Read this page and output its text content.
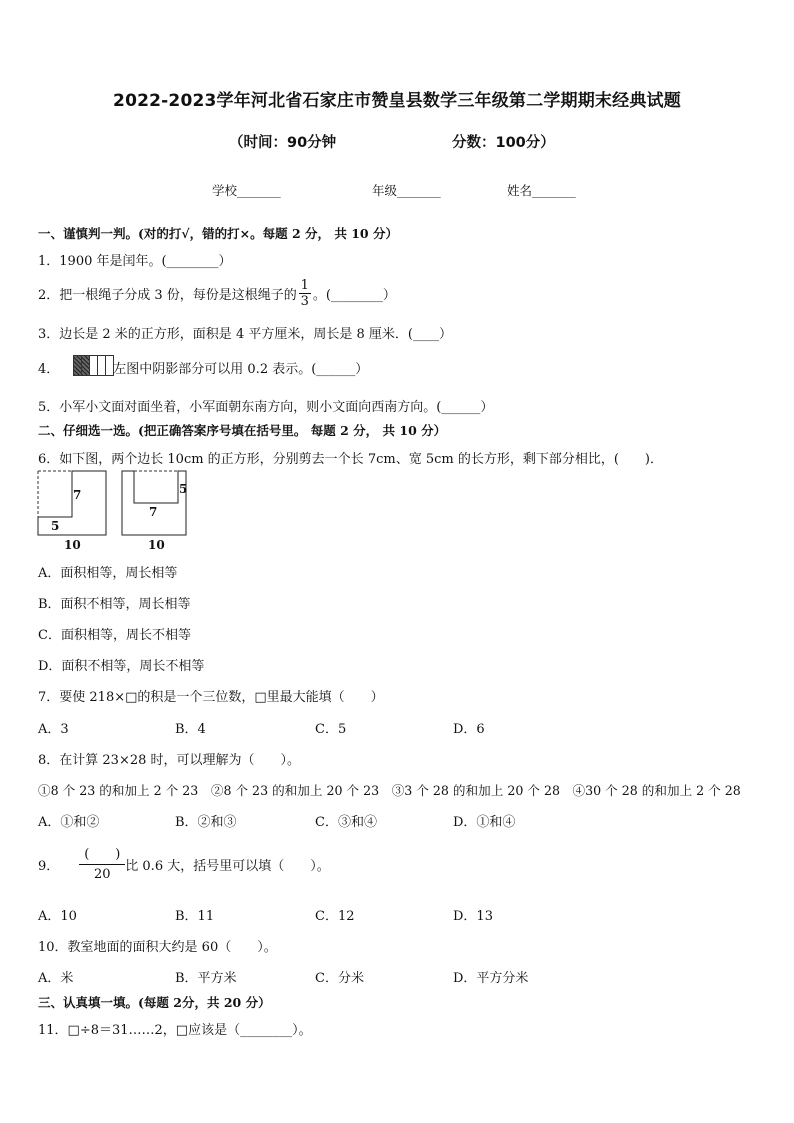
2022-2023学年河北省石家庄市赞皇县数学三年级第二学期期末经典试题
（时间：90分钟	分数：100分）
学校_______	年级_______	姓名_______
一、谨慎判一判。(对的打√，错的打×。每题 2 分， 共 10 分）
1．1900 年是闰年。(________）
2．把一根绳子分成 3 份，每份是这根绳子的 $\frac{1}{3}$ 。(________）
3．边长是 2 米的正方形，面积是 4 平方厘米，周长是 8 厘米．(____）
4．	左图中阴影部分可以用 0.2 表示。(______）
5．小军小文面对面坐着，小军面朝东南方向，则小文面向西南方向。(______）
二、仔细选一选。(把正确答案序号填在括号里。 每题 2 分， 共 10 分）
6．如下图，两个边长 10cm 的正方形，分别剪去一个长 7cm、宽 5cm 的长方形，剩下部分相比，(　　)．
7
5
10
5
7
10
A．面积相等，周长相等
B．面积不相等，周长相等
C．面积相等，周长不相等
D．面积不相等，周长不相等
7．要使 218×□的积是一个三位数，□里最大能填（　　）
A．3	B．4	C．5	D．6
8．在计算 23×28 时，可以理解为（　　）。
①8 个 23 的和加上 2 个 23　②8 个 23 的和加上 20 个 23　③3 个 28 的和加上 20 个 28　④30 个 28 的和加上 2 个 28
A．①和②	B．②和③	C．③和④	D．①和④
9． $\frac{( )}{20}$ 比 0.6 大，括号里可以填（　　）。
A．10	B．11	C．12	D．13
10．教室地面的面积大约是 60（　　）。
A．米	B．平方米	C．分米	D．平方分米
三、认真填一填。(每题 2分，共 20 分）
11．□÷8＝31……2，□应该是（________）。
